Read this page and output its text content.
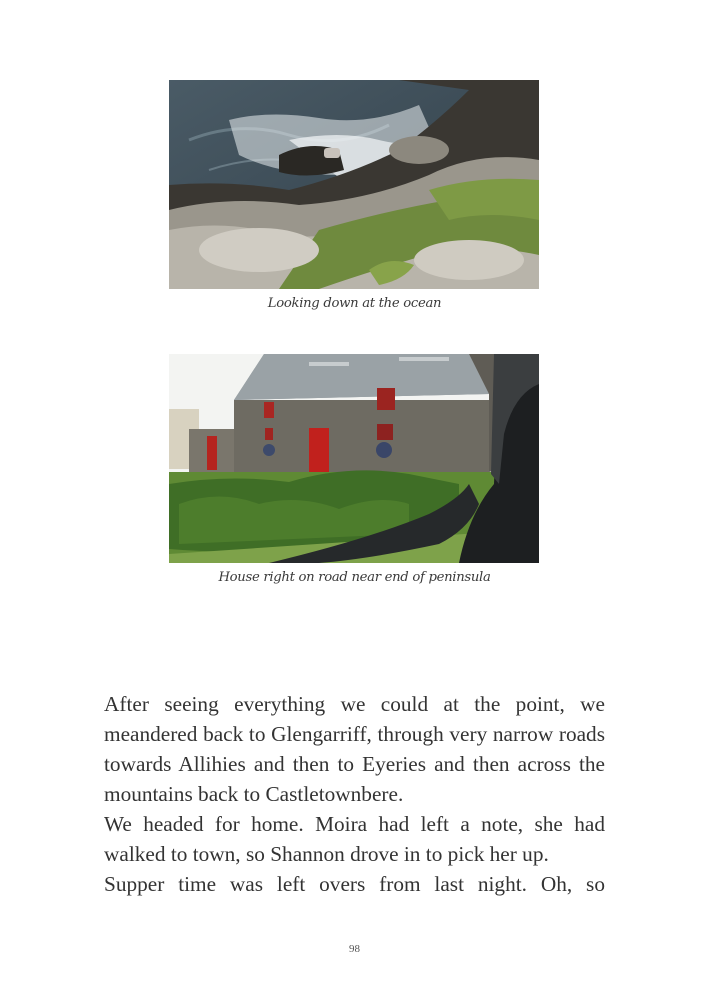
Looking down at the ocean
House right on road near end of peninsula

After seeing everything we could at the point, we meandered back to Glengarriff, through very narrow roads towards Allihies and then to Eyeries and then across the mountains back to Castletownbere.

We headed for home. Moira had left a note, she had walked to town, so Shannon drove in to pick her up.

Supper time was left overs from last night. Oh, so

98
